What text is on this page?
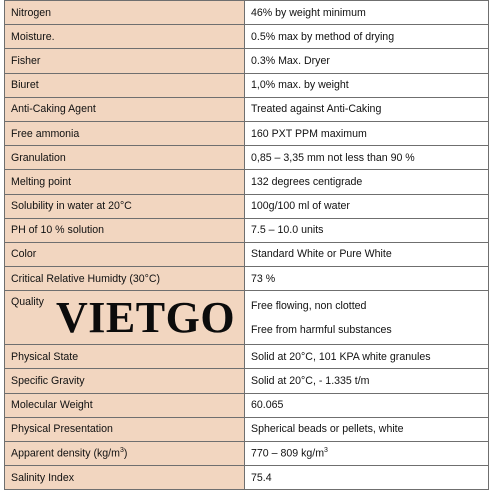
Nitrogen	46% by weight minimum
Moisture.	0.5% max by method of drying
Fisher	0.3% Max. Dryer
Biuret	1,0% max. by weight
Anti-Caking Agent	Treated against Anti-Caking
Free ammonia	160 PXT PPM maximum
Granulation	0,85 – 3,35 mm not less than 90 %
Melting point	132 degrees centigrade
Solubility in water at 20°C	100g/100 ml of water
PH of 10 % solution	7.5 – 10.0 units
Color	Standard White or Pure White
Critical Relative Humidty (30°C)	73 %
Quality	Free flowing, non clotted
Free from harmful substances

Physical State	Solid at 20°C, 101 KPA white granules
Specific Gravity	Solid at 20°C, - 1.335 t/m
Molecular Weight	60.065
Physical Presentation	Spherical beads or pellets, white
Apparent density $(kg/m^3)$	770 – 809 $kg/m^3$
Salinity Index	75.4
VIETGO
